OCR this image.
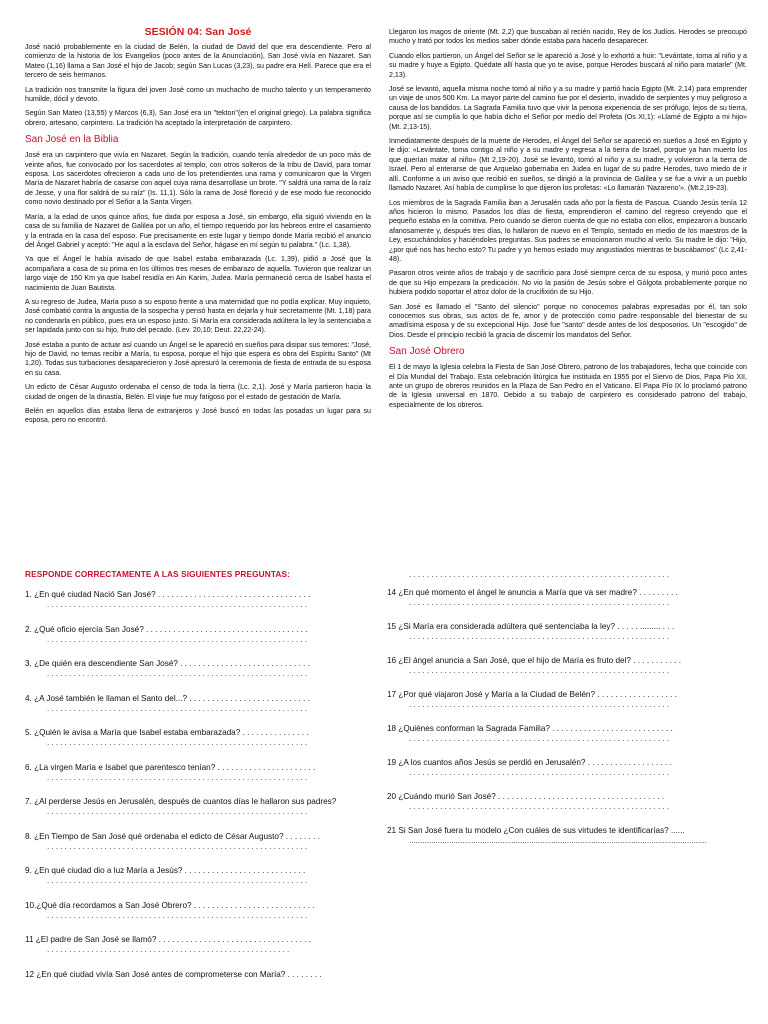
SESIÓN 04: San José

José nació probablemente en la ciudad de Belén, la ciudad de David del que era descendiente. Pero al comienzo de la historia de los Evangelios (poco antes de la Anunciación), San José vivía en Nazaret. San Mateo (1,16) llama a San José el hijo de Jacob; según San Lucas (3,23), su padre era Helí. Parece que era el tercero de seis hermanos.

La tradición nos transmite la figura del joven José como un muchacho de mucho talento y un temperamento humilde, dócil y devoto.

Según San Mateo (13,55) y Marcos (6,3), San José era un "tekton"(en el original griego). La palabra significa obrero, artesano, carpintero. La tradición ha aceptado la interpretación de carpintero.

San José en la Biblia

José era un carpintero que vivía en Nazaret. Según la tradición, cuando tenía alrededor de un poco más de veinte años, fue convocado por los sacerdotes al templo, con otros solteros de la tribu de David, para tomar esposa. Los sacerdotes ofrecieron a cada uno de los pretendientes una rama y comunicaron que la Virgen María de Nazaret habría de casarse con aquel cuya rama desarrollase un brote. "Y saldrá una rama de la raíz de Jesse, y una flor saldrá de su raíz" (Is. 11,1). Sólo la rama de José floreció y de ese modo fue reconocido como novio destinado por el Señor a la Santa Virgen.

María, a la edad de unos quince años, fue dada por esposa a José, sin embargo, ella siguió viviendo en la casa de su familia de Nazaret de Galilea por un año, el tiempo requerido por los hebreos entre el casamiento y la entrada en la casa del esposo. Fue precisamente en este lugar y tiempo donde María recibió el anuncio del Ángel Gabriel y aceptó: "He aquí a la esclava del Señor, hágase en mí según tu palabra." (Lc. 1,38).

Ya que el Ángel le había avisado de que Isabel estaba embarazada (Lc. 1,39), pidió a José que la acompañara a casa de su prima en los últimos tres meses de embarazo de aquella. Tuvieron que realizar un largo viaje de 150 Km ya que Isabel residía en Ain Karim, Judea. María permaneció cerca de Isabel hasta el nacimiento de Juan Bautista.

A su regreso de Judea, María puso a su esposo frente a una maternidad que no podía explicar. Muy inquieto, José combatió contra la angustia de la sospecha y pensó hasta en dejarla y huir secretamente (Mt. 1,18) para no condenarla en público, pues era un esposo justo. Si María era considerada adúltera la ley la sentenciaba a ser lapidada junto con su hijo, fruto del pecado. (Lev. 20,10; Deut. 22,22-24).

José estaba a punto de actuar así cuando un Ángel se le apareció en sueños para disipar sus temores: "José, hijo de David, no temas recibir a María, tu esposa, porque el hijo que espera es obra del Espíritu Santo" (Mt 1,20). Todas sus turbaciones desaparecieron y José apresuró la ceremonia de fiesta de entrada de su esposa en su casa.

Un edicto de César Augusto ordenaba el censo de toda la tierra (Lc. 2,1). José y María partieron hacia la ciudad de origen de la dinastía, Belén. El viaje fue muy fatigoso por el estado de gestación de María.

Belén en aquellos días estaba llena de extranjeros y José buscó en todas las posadas un lugar para su esposa, pero no encontró.

Llegaron los magos de oriente (Mt. 2,2) que buscaban al recién nacido, Rey de los Judíos. Herodes se preocupó mucho y trató por todos los medios saber dónde estaba para hacerlo desaparecer.

Cuando ellos partieron, un Ángel del Señor se le apareció a José y lo exhortó a huir: "Levántate, toma al niño y a su madre y huye a Egipto. Quédate allí hasta que yo te avise, porque Herodes buscará al niño para matarle" (Mt. 2,13).

José se levantó, aquella misma noche tomó al niño y a su madre y partió hacia Egipto (Mt. 2,14) para emprender un viaje de unos 500 Km. La mayor parte del camino fue por el desierto, invadido de serpientes y muy peligroso a causa de los bandidos. La Sagrada Familia tuvo que vivir la penosa experiencia de ser prófugo, lejos de su tierra, porque así se cumplía lo que había dicho el Señor por medio del Profeta (Os XI,1): «Llamé de Egipto a mi hijo» (Mt. 2,13-15).

Inmediatamente después de la muerte de Herodes, el Ángel del Señor se apareció en sueños a José en Egipto y le dijo: «Levántate, toma contigo al niño y a su madre y regresa a la tierra de Israel, porque ya han muerto los que querían matar al niño» (Mt 2,19-20). José se levantó, tomó al niño y a su madre, y volvieron a la tierra de Israel. Pero al enterarse de que Arquelao gobernaba en Judea en lugar de su padre Herodes, tuvo miedo de ir allí. Conforme a un aviso que recibió en sueños, se dirigió a la provincia de Galilea y se fue a vivir a un pueblo llamado Nazaret. Así había de cumplirse lo que dijeron los profetas: «Lo llamarán 'Nazareno'». (Mt.2,19-23).

Los miembros de la Sagrada Familia iban a Jerusalén cada año por la fiesta de Pascua. Cuando Jesús tenía 12 años hicieron lo mismo. Pasados los días de fiesta, emprendieron el camino del regreso creyendo que el pequeño estaba en la comitiva. Pero cuando se dieron cuenta de que no estaba con ellos, empezaron a buscarlo afanosamente y, después tres días, lo hallaron de nuevo en el Templo, sentado en medio de los maestros de la Ley, escuchándolos y haciéndoles preguntas. Sus padres se emocionaron mucho al verlo. Su madre le dijo: "Hijo, ¿por qué nos has hecho esto? Tu padre y yo hemos estado muy angustiados mientras te buscábamos" (Lc 2,41-48).

Pasaron otros veinte años de trabajo y de sacrificio para José siempre cerca de su esposa, y murió poco antes de que su Hijo empezara la predicación. No vio la pasión de Jesús sobre el Gólgota probablemente porque no hubiera podido soportar el atroz dolor de la crucifixión de su Hijo.

San José es llamado el "Santo del silencio" porque no conocemos palabras expresadas por él, tan solo conocemos sus obras, sus actos de fe, amor y de protección como padre responsable del bienestar de su amadísima esposa y de su excepcional Hijo. José fue "santo" desde antes de los desposorios. Un "escogido" de Dios. Desde el principio recibió la gracia de discernir los mandatos del Señor.

San José Obrero

El 1 de mayo la Iglesia celebra la Fiesta de San José Obrero, patrono de los trabajadores, fecha que coincide con el Día Mundial del Trabajo. Esta celebración litúrgica fue instituida en 1955 por el Siervo de Dios, Papa Pío XII, ante un grupo de obreros reunidos en la Plaza de San Pedro en el Vaticano. El Papa Pío IX lo proclamó patrono de la Iglesia universal en 1870. Debido a su trabajo de carpintero es considerado patrono del trabajo, especialmente de los obreros.

RESPONDE CORRECTAMENTE A LAS SIGUIENTES PREGUNTAS:
1. ¿En qué ciudad Nació San José? . . . . . . . . . . . . . . . . . . . . . . . . . . . . . . . . . .
. . . . . . . . . . . . . . . . . . . . . . . . . . . . . . . . . . . . . . . . . . . . . . . . . . . . . . . . . . .
2. ¿Qué oficio ejercía San José? . . . . . . . . . . . . . . . . . . . . . . . . . . . . . . . . . . . .
. . . . . . . . . . . . . . . . . . . . . . . . . . . . . . . . . . . . . . . . . . . . . . . . . . . . . . . . . . .
3. ¿De quién era descendiente San José? . . . . . . . . . . . . . . . . . . . . . . . . . . . . .
. . . . . . . . . . . . . . . . . . . . . . . . . . . . . . . . . . . . . . . . . . . . . . . . . . . . . . . . . . .
4. ¿A José también le llaman el Santo del...? . . . . . . . . . . . . . . . . . . . . . . . . . . .
. . . . . . . . . . . . . . . . . . . . . . . . . . . . . . . . . . . . . . . . . . . . . . . . . . . . . . . . . . .
5. ¿Quién le avisa a María que Isabel estaba embarazada? . . . . . . . . . . . . . . .
. . . . . . . . . . . . . . . . . . . . . . . . . . . . . . . . . . . . . . . . . . . . . . . . . . . . . . . . . . .
6. ¿La virgen María e Isabel que parentesco tenían? . . . . . . . . . . . . . . . . . . . . . .
. . . . . . . . . . . . . . . . . . . . . . . . . . . . . . . . . . . . . . . . . . . . . . . . . . . . . . . . . . .
7. ¿Al perderse Jesús en Jerusalén, después de cuantos días le hallaron sus padres?
. . . . . . . . . . . . . . . . . . . . . . . . . . . . . . . . . . . . . . . . . . . . . . . . . . . . . . . . . . .
8. ¿En Tiempo de San José qué ordenaba el edicto de César Augusto? . . . . . . . .
. . . . . . . . . . . . . . . . . . . . . . . . . . . . . . . . . . . . . . . . . . . . . . . . . . . . . . . . . . .
9. ¿En qué ciudad dio a luz María a Jesús? . . . . . . . . . . . . . . . . . . . . . . . . . . .
. . . . . . . . . . . . . . . . . . . . . . . . . . . . . . . . . . . . . . . . . . . . . . . . . . . . . . . . . . .
10.¿Qué día recordamos a San José Obrero? . . . . . . . . . . . . . . . . . . . . . . . . . . .
. . . . . . . . . . . . . . . . . . . . . . . . . . . . . . . . . . . . . . . . . . . . . . . . . . . . . . . . . . .
11 ¿El padre de San José se llamó? . . . . . . . . . . . . . . . . . . . . . . . . . . . . . . . . . .
. . . . . . . . . . . . . . . . . . . . . . . . . . . . . . . . . . . . . . . . . . . . . . . . . . . . . . .
12 ¿En qué ciudad vivía San José antes de comprometerse con María? . . . . . . . .
. . . . . . . . . . . . . . . . . . . . . . . . . . . . . . . . . . . . . . . . . . . . . . . . . . . . . . . . . . .
14 ¿En qué momento el ángel le anuncia a María que va ser madre? . . . . . . . . .
. . . . . . . . . . . . . . . . . . . . . . . . . . . . . . . . . . . . . . . . . . . . . . . . . . . . . . . . . . .
15 ¿Si María era considerada adúltera qué sentenciaba la ley? . . . . . ......... . . .
. . . . . . . . . . . . . . . . . . . . . . . . . . . . . . . . . . . . . . . . . . . . . . . . . . . . . . . . . . .
16 ¿El ángel anuncia a San José, que el hijo de María es fruto del? . . . . . . . . . . .
. . . . . . . . . . . . . . . . . . . . . . . . . . . . . . . . . . . . . . . . . . . . . . . . . . . . . . . . . . .
17 ¿Por qué viajaron José y María a la Ciudad de Belén? . . . . . . . . . . . . . . . . . .
. . . . . . . . . . . . . . . . . . . . . . . . . . . . . . . . . . . . . . . . . . . . . . . . . . . . . . . . . . .
18 ¿Quiénes conforman la Sagrada Familia? . . . . . . . . . . . . . . . . . . . . . . . . . . .
. . . . . . . . . . . . . . . . . . . . . . . . . . . . . . . . . . . . . . . . . . . . . . . . . . . . . . . . . . .
19 ¿A los cuantos años Jesús se perdió en Jerusalén? . . . . . . . . . . . . . . . . . . .
. . . . . . . . . . . . . . . . . . . . . . . . . . . . . . . . . . . . . . . . . . . . . . . . . . . . . . . . . . .
20 ¿Cuándo murió San José? . . . . . . . . . . . . . . . . . . . . . . . . . . . . . . . . . . . . .
. . . . . . . . . . . . . . . . . . . . . . . . . . . . . . . . . . . . . . . . . . . . . . . . . . . . . . . . . . .
21 Si San José fuera tu modelo ¿Con cuáles de sus virtudes te identificarías? ......
......................................................................................................................................
